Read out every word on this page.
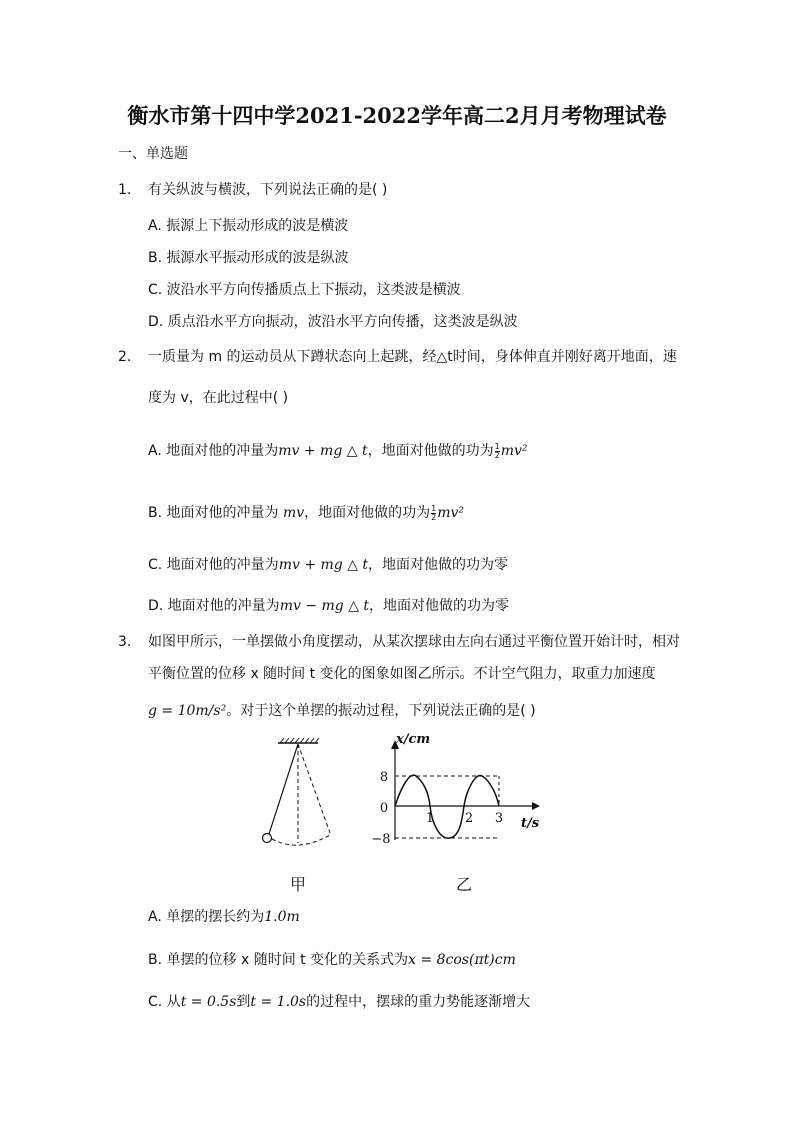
衡水市第十四中学2021-2022学年高二2月月考物理试卷
一、单选题
1. 有关纵波与横波，下列说法正确的是( )
A. 振源上下振动形成的波是横波
B. 振源水平振动形成的波是纵波
C. 波沿水平方向传播质点上下振动，这类波是横波
D. 质点沿水平方向振动，波沿水平方向传播，这类波是纵波
2. 一质量为 m 的运动员从下蹲状态向上起跳，经△t时间，身体伸直并刚好离开地面，速
度为 v，在此过程中( )
A. 地面对他的冲量为mv + mg △ t，地面对他做的功为 $\frac{1}{2} mv^2$
B. 地面对他的冲量为 mv，地面对他做的功为 $\frac{1}{2} mv^2$
C. 地面对他的冲量为mv + mg △ t，地面对他做的功为零
D. 地面对他的冲量为mv − mg △ t，地面对他做的功为零
3. 如图甲所示，一单摆做小角度摆动，从某次摆球由左向右通过平衡位置开始计时，相对
平衡位置的位移 x 随时间 t 变化的图象如图乙所示。不计空气阻力，取重力加速度
g = 10m/s²。对于这个单摆的振动过程，下列说法正确的是( )
甲
x/cm
t/s
8
0
−8
1 2 3
乙
A. 单摆的摆长约为1.0m
B. 单摆的位移 x 随时间 t 变化的关系式为x = 8cos(πt)cm
C. 从t = 0.5s到t = 1.0s的过程中，摆球的重力势能逐渐增大
